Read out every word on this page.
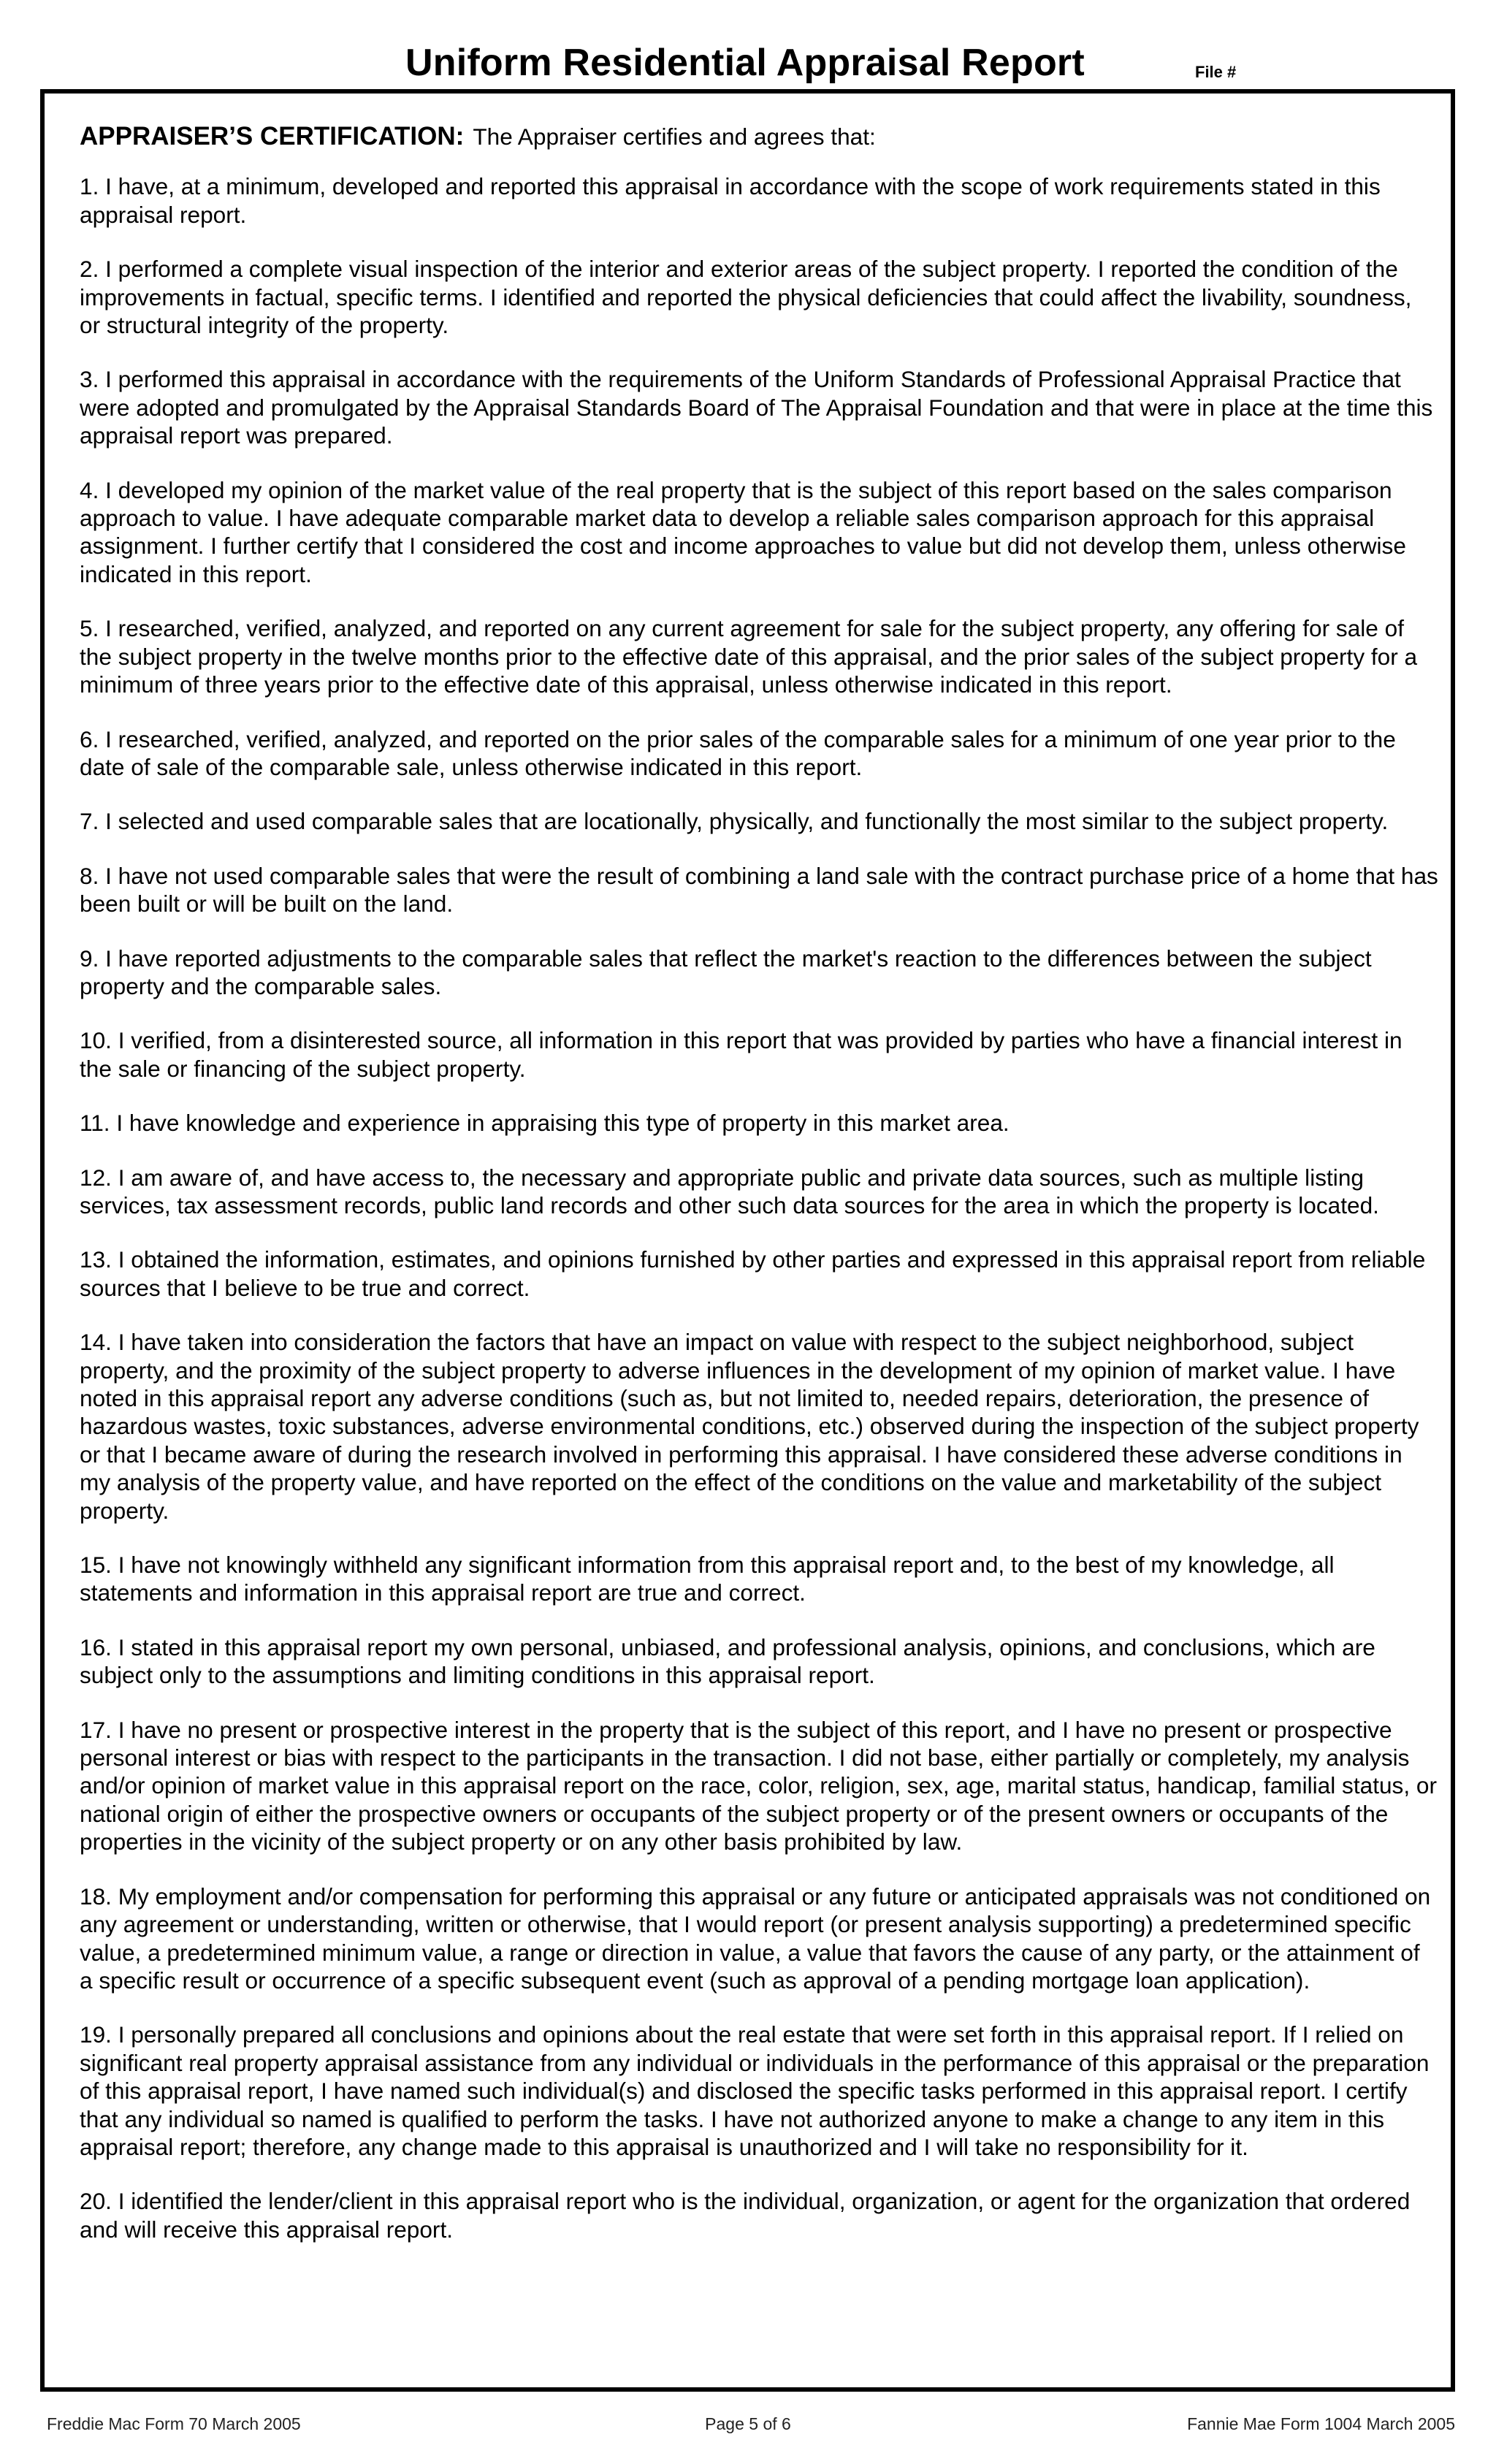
Uniform Residential Appraisal Report	File #
APPRAISER’S CERTIFICATION: The Appraiser certifies and agrees that:

1. I have, at a minimum, developed and reported this appraisal in accordance with the scope of work requirements stated in this appraisal report.

2. I performed a complete visual inspection of the interior and exterior areas of the subject property. I reported the condition of the improvements in factual, specific terms. I identified and reported the physical deficiencies that could affect the livability, soundness, or structural integrity of the property.

3. I performed this appraisal in accordance with the requirements of the Uniform Standards of Professional Appraisal Practice that were adopted and promulgated by the Appraisal Standards Board of The Appraisal Foundation and that were in place at the time this appraisal report was prepared.

4. I developed my opinion of the market value of the real property that is the subject of this report based on the sales comparison approach to value. I have adequate comparable market data to develop a reliable sales comparison approach for this appraisal assignment. I further certify that I considered the cost and income approaches to value but did not develop them, unless otherwise indicated in this report.

5. I researched, verified, analyzed, and reported on any current agreement for sale for the subject property, any offering for sale of the subject property in the twelve months prior to the effective date of this appraisal, and the prior sales of the subject property for a minimum of three years prior to the effective date of this appraisal, unless otherwise indicated in this report.

6. I researched, verified, analyzed, and reported on the prior sales of the comparable sales for a minimum of one year prior to the date of sale of the comparable sale, unless otherwise indicated in this report.

7. I selected and used comparable sales that are locationally, physically, and functionally the most similar to the subject property.

8. I have not used comparable sales that were the result of combining a land sale with the contract purchase price of a home that has been built or will be built on the land.

9. I have reported adjustments to the comparable sales that reflect the market's reaction to the differences between the subject property and the comparable sales.

10. I verified, from a disinterested source, all information in this report that was provided by parties who have a financial interest in the sale or financing of the subject property.

11. I have knowledge and experience in appraising this type of property in this market area.

12. I am aware of, and have access to, the necessary and appropriate public and private data sources, such as multiple listing services, tax assessment records, public land records and other such data sources for the area in which the property is located.

13. I obtained the information, estimates, and opinions furnished by other parties and expressed in this appraisal report from reliable sources that I believe to be true and correct.

14. I have taken into consideration the factors that have an impact on value with respect to the subject neighborhood, subject property, and the proximity of the subject property to adverse influences in the development of my opinion of market value. I have noted in this appraisal report any adverse conditions (such as, but not limited to, needed repairs, deterioration, the presence of hazardous wastes, toxic substances, adverse environmental conditions, etc.) observed during the inspection of the subject property or that I became aware of during the research involved in performing this appraisal. I have considered these adverse conditions in my analysis of the property value, and have reported on the effect of the conditions on the value and marketability of the subject property.

15. I have not knowingly withheld any significant information from this appraisal report and, to the best of my knowledge, all statements and information in this appraisal report are true and correct.

16. I stated in this appraisal report my own personal, unbiased, and professional analysis, opinions, and conclusions, which are subject only to the assumptions and limiting conditions in this appraisal report.

17. I have no present or prospective interest in the property that is the subject of this report, and I have no present or prospective personal interest or bias with respect to the participants in the transaction. I did not base, either partially or completely, my analysis and/or opinion of market value in this appraisal report on the race, color, religion, sex, age, marital status, handicap, familial status, or national origin of either the prospective owners or occupants of the subject property or of the present owners or occupants of the properties in the vicinity of the subject property or on any other basis prohibited by law.

18. My employment and/or compensation for performing this appraisal or any future or anticipated appraisals was not conditioned on any agreement or understanding, written or otherwise, that I would report (or present analysis supporting) a predetermined specific value, a predetermined minimum value, a range or direction in value, a value that favors the cause of any party, or the attainment of a specific result or occurrence of a specific subsequent event (such as approval of a pending mortgage loan application).

19. I personally prepared all conclusions and opinions about the real estate that were set forth in this appraisal report. If I relied on significant real property appraisal assistance from any individual or individuals in the performance of this appraisal or the preparation of this appraisal report, I have named such individual(s) and disclosed the specific tasks performed in this appraisal report. I certify that any individual so named is qualified to perform the tasks. I have not authorized anyone to make a change to any item in this appraisal report; therefore, any change made to this appraisal is unauthorized and I will take no responsibility for it.

20. I identified the lender/client in this appraisal report who is the individual, organization, or agent for the organization that ordered and will receive this appraisal report.

Freddie Mac Form 70 March 2005	Page 5 of 6	Fannie Mae Form 1004 March 2005
